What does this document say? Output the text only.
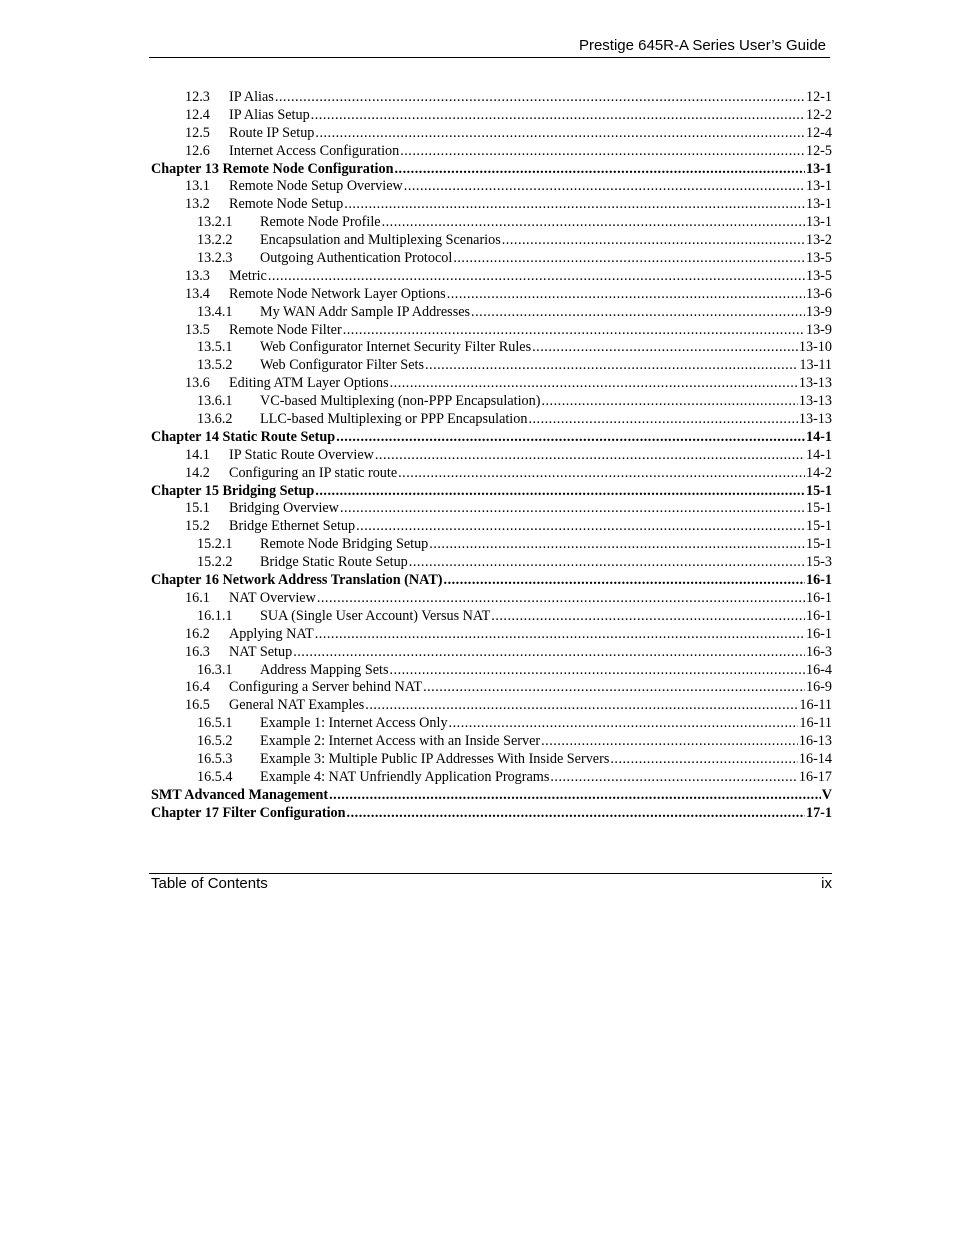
Prestige 645R-A Series User’s Guide
12.3	IP Alias .....	12-1
12.4	IP Alias Setup .....	12-2
12.5	Route IP Setup .....	12-4
12.6	Internet Access Configuration .....	12-5
Chapter 13 Remote Node Configuration .....	13-1
13.1	Remote Node Setup Overview .....	13-1
13.2	Remote Node Setup .....	13-1
13.2.1	Remote Node Profile .....	13-1
13.2.2	Encapsulation and Multiplexing Scenarios .....	13-2
13.2.3	Outgoing Authentication Protocol .....	13-5
13.3	Metric .....	13-5
13.4	Remote Node Network Layer Options .....	13-6
13.4.1	My WAN Addr Sample IP Addresses .....	13-9
13.5	Remote Node Filter .....	13-9
13.5.1	Web Configurator Internet Security Filter Rules .....	13-10
13.5.2	Web Configurator Filter Sets .....	13-11
13.6	Editing ATM Layer Options .....	13-13
13.6.1	VC-based Multiplexing (non-PPP Encapsulation) .....	13-13
13.6.2	LLC-based Multiplexing or PPP Encapsulation .....	13-13
Chapter 14 Static Route Setup .....	14-1
14.1	IP Static Route Overview .....	14-1
14.2	Configuring an IP static route .....	14-2
Chapter 15 Bridging Setup .....	15-1
15.1	Bridging Overview .....	15-1
15.2	Bridge Ethernet Setup .....	15-1
15.2.1	Remote Node Bridging Setup .....	15-1
15.2.2	Bridge Static Route Setup .....	15-3
Chapter 16 Network Address Translation (NAT) .....	16-1
16.1	NAT Overview .....	16-1
16.1.1	SUA (Single User Account) Versus NAT .....	16-1
16.2	Applying NAT .....	16-1
16.3	NAT Setup .....	16-3
16.3.1	Address Mapping Sets .....	16-4
16.4	Configuring a Server behind NAT .....	16-9
16.5	General NAT Examples .....	16-11
16.5.1	Example 1: Internet Access Only .....	16-11
16.5.2	Example 2: Internet Access with an Inside Server .....	16-13
16.5.3	Example 3: Multiple Public IP Addresses With Inside Servers .....	16-14
16.5.4	Example 4: NAT Unfriendly Application Programs .....	16-17
SMT Advanced Management .....	V
Chapter 17 Filter Configuration .....	17-1
Table of Contents	ix
